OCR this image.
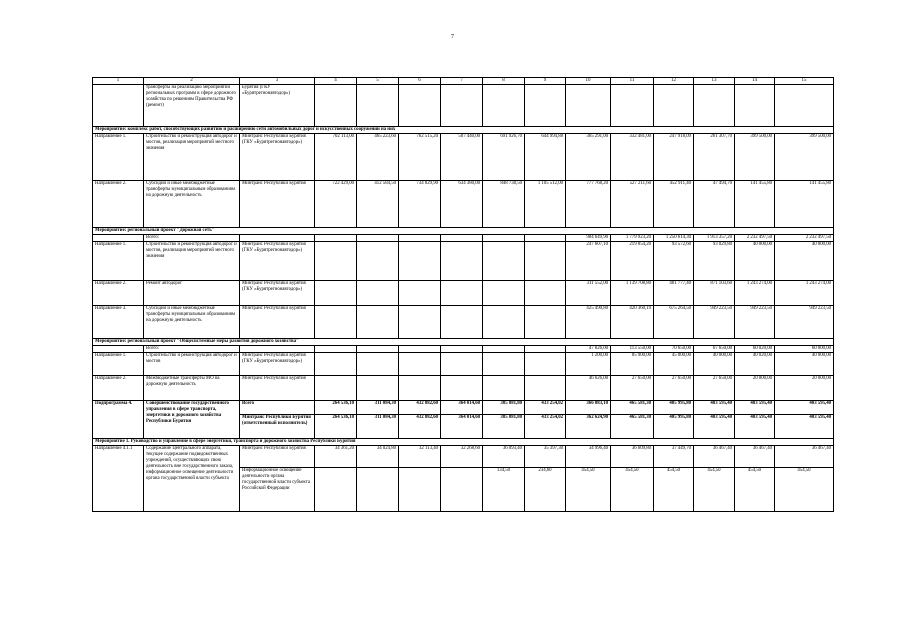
7
1	2	3	4	5	6	7	8	9	10	11	12	13	14	15
	трансферты на реализацию мероприятий региональных программ в сфере дорожного хозяйства по решениям Правительства РФ (ремонт)	Бурятия (ГКУ «Бурятрегионавтодор»)												
Мероприятие: комплекс работ, способствующих развитию и расширению сети автомобильных дорог и искусственных сооружений на них														
Направление 1.	Строительство и реконструкция автодорог и мостов, реализация мероприятий местного значения	Минтранс Республики Бурятия (ГКУ «Бурятрегионавтодор»)	702 113,00	465 223,60	762 515,20	507 440,00	691 926,70	644 994,88	365 291,00	332 481,00	247 918,09	261 307,70	399 500,00	399 500,00
Направление 2.	Субсидии и иные межбюджетные трансферты муниципальным образованиям на дорожную деятельность	Минтранс Республики Бурятия	722 429,00	412 584,50	734 829,90	634 380,00	848 738,50	1 105 512,00	777 768,20	527 211,60	452 911,40	47 494,70	141 455,80	141 455,80
Мероприятие: региональный проект "Дорожная сеть"														
	Всего:								984 649,90	1 779 923,20	1 250 614,30	1 913 357,20	2 232 497,50	2 232 497,50
Направление 1.	Строительство и реконструкция автодорог и мостов, реализация мероприятий местного значения	Минтранс Республики Бурятия (ГКУ «Бурятрегионавтодор»)							247 607,10	219 854,20	93 572,60	93 029,80	40 000,00	40 000,00
Направление 2.	Ремонт автодорог	Минтранс Республики Бурятия (ГКУ «Бурятрегионавтодор»)							311 552,00	1 139 708,80	481 777,40	871 103,60	1 243 274,00	1 243 274,00
Направление 3.	Субсидии и иные межбюджетные трансферты муниципальным образованиям на дорожную деятельность	Минтранс Республики Бурятия							425 490,80	420 360,19	675 264,50	949 223,50	949 223,50	949 223,50
Мероприятие: региональный проект "Общесистемные меры развития дорожного хозяйства"														
	Всего:								47 826,00	113 550,00	70 650,00	67 650,00	60 020,00	60 000,00
Направление 1.	Строительство и реконструкция автодорог и мостов	Минтранс Республики Бурятия (ГКУ «Бурятрегионавтодор»)							1 200,00	85 900,00	45 000,00	40 000,00	40 020,00	40 000,00
Направление 2.	Межбюджетные трансферты МО на дорожную деятельность	Минтранс Республики Бурятия							46 626,00	27 650,00	27 650,00	27 650,00	20 000,00	20 000,00
Подпрограмма 4.	Совершенствование государственного управления в сфере транспорта, энергетики и дорожного хозяйства Республики Бурятия	Всего	264 536,10	311 084,30	432 882,60	364 014,60	385 881,80	433 254,02	366 083,10	465 581,30	405 995,80	403 595,40	403 595,40	403 595,40
		Минтранс Республики Бурятия (ответственный исполнитель)	264 536,10	311 084,30	432 882,60	364 014,60	385 881,80	433 254,02	362 624,90	465 581,30	405 995,80	403 595,40	403 595,40	403 595,40
Мероприятие 1. Руководство и управление в сфере энергетики, транспорта и дорожного хозяйства Республики Бурятия														
Направление 4.1.1	Содержание Центрального аппарата, текущее содержание подведомственных учреждений, осуществляющих свою деятельность вне государственного заказа, информационное освещение деятельности органа государственной власти субъекта	Минтранс Республики Бурятия	34 361,20	34 024,80	32 113,40	32 268,60	36 093,40	35 397,30	34 996,40	36 609,80	37 449,70	36 467,40	36 467,40	36 467,40
		Информационное освещение деятельности органа государственной власти субъекта Российской Федерации					134,50	234,60	454,50	454,50	454,50	454,50	454,50	454,50
